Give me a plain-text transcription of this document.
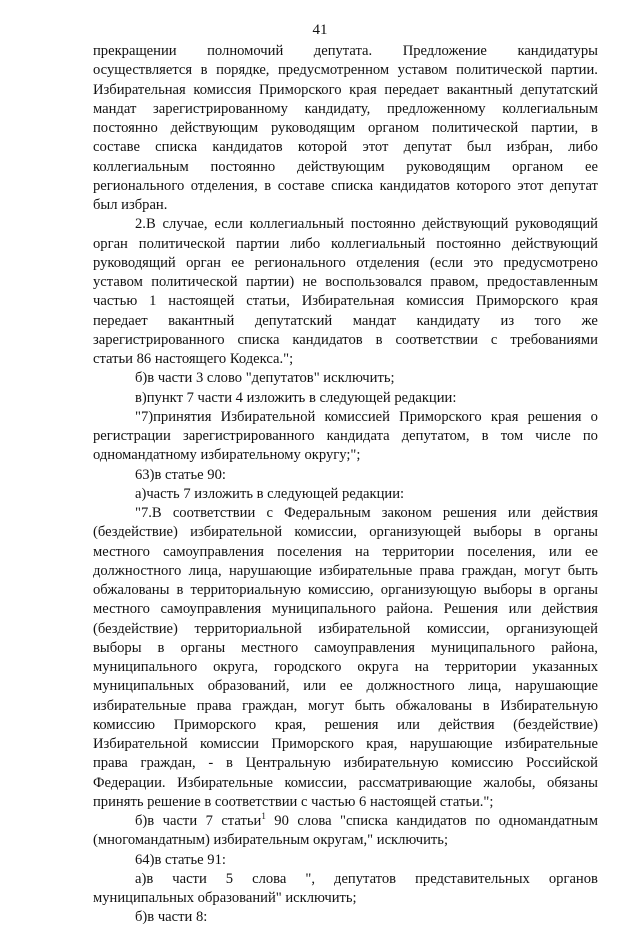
41
прекращении полномочий депутата. Предложение кандидатуры
осуществляется в порядке, предусмотренном уставом политической партии.
Избирательная комиссия Приморского края передает вакантный депутатский
мандат зарегистрированному кандидату, предложенному коллегиальным
постоянно действующим руководящим органом политической партии, в
составе списка кандидатов которой этот депутат был избран, либо
коллегиальным постоянно действующим руководящим органом ее
регионального отделения, в составе списка кандидатов которого этот депутат
был избран.
2.В случае, если коллегиальный постоянно действующий руководящий
орган политической партии либо коллегиальный постоянно действующий
руководящий орган ее регионального отделения (если это предусмотрено
уставом политической партии) не воспользовался правом, предоставленным
частью 1 настоящей статьи, Избирательная комиссия Приморского края
передает вакантный депутатский мандат кандидату из того же
зарегистрированного списка кандидатов в соответствии с требованиями
статьи 86 настоящего Кодекса.";
б)в части 3 слово "депутатов" исключить;
в)пункт 7 части 4 изложить в следующей редакции:
"7)принятия Избирательной комиссией Приморского края решения о
регистрации зарегистрированного кандидата депутатом, в том числе по
одномандатному избирательному округу;";
63)в статье 90:
а)часть 7 изложить в следующей редакции:
"7.В соответствии с Федеральным законом решения или действия
(бездействие) избирательной комиссии, организующей выборы в органы
местного самоуправления поселения на территории поселения, или ее
должностного лица, нарушающие избирательные права граждан, могут быть
обжалованы в территориальную комиссию, организующую выборы в органы
местного самоуправления муниципального района. Решения или действия
(бездействие) территориальной избирательной комиссии, организующей
выборы в органы местного самоуправления муниципального района,
муниципального округа, городского округа на территории указанных
муниципальных образований, или ее должностного лица, нарушающие
избирательные права граждан, могут быть обжалованы в Избирательную
комиссию Приморского края, решения или действия (бездействие)
Избирательной комиссии Приморского края, нарушающие избирательные
права граждан, - в Центральную избирательную комиссию Российской
Федерации. Избирательные комиссии, рассматривающие жалобы, обязаны
принять решение в соответствии с частью 6 настоящей статьи.";
б)в части 7 статьи$^1$ 90 слова "списка кандидатов по одномандатным
(многомандатным) избирательным округам," исключить;
64)в статье 91:
а)в части 5 слова ", депутатов представительных органов
муниципальных образований" исключить;
б)в части 8:
